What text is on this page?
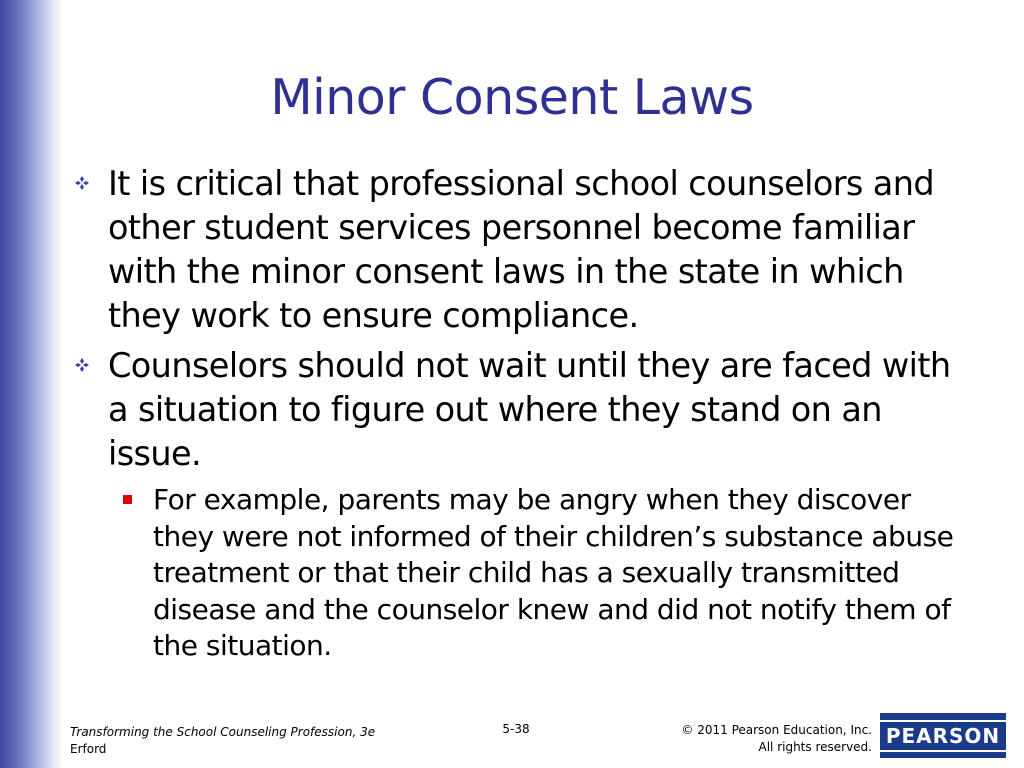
Minor Consent Laws
It is critical that professional school counselors and other student services personnel become familiar with the minor consent laws in the state in which they work to ensure compliance.
Counselors should not wait until they are faced with a situation to figure out where they stand on an issue.
For example, parents may be angry when they discover they were not informed of their children’s substance abuse treatment or that their child has a sexually transmitted disease and the counselor knew and did not notify them of the situation.
Transforming the School Counseling Profession, 3e
Erford
5-38	© 2011 Pearson Education, Inc.
All rights reserved. PEARSON
